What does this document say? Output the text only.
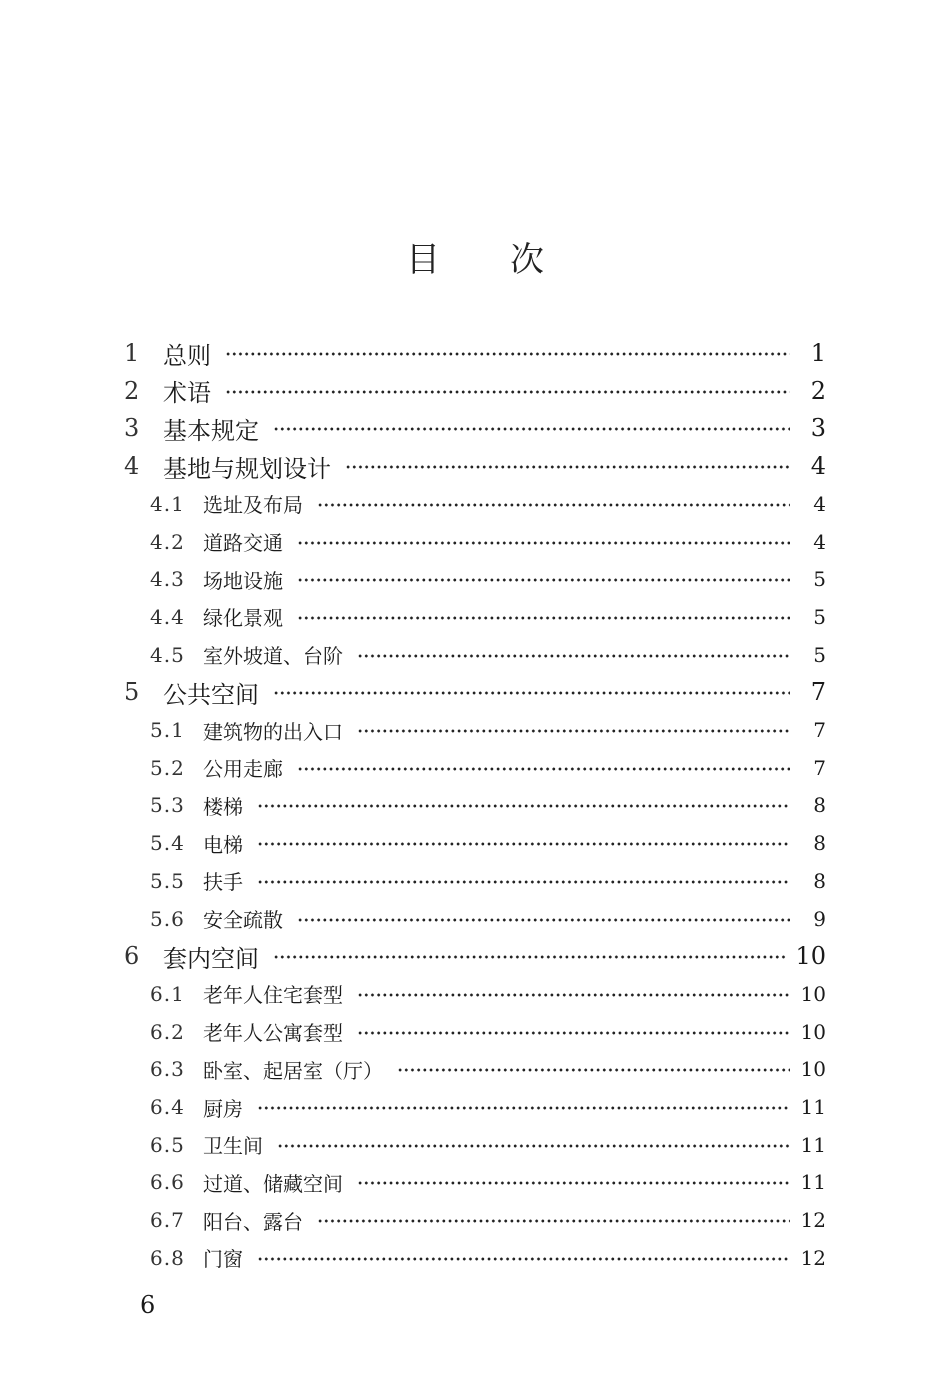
目 次
1 总则	1
2 术语	2
3 基本规定	3
4 基地与规划设计	4
4.1 选址及布局	4
4.2 道路交通	4
4.3 场地设施	5
4.4 绿化景观	5
4.5 室外坡道、台阶	5
5 公共空间	7
5.1 建筑物的出入口	7
5.2 公用走廊	7
5.3 楼梯	8
5.4 电梯	8
5.5 扶手	8
5.6 安全疏散	9
6 套内空间	10
6.1 老年人住宅套型	10
6.2 老年人公寓套型	10
6.3 卧室、起居室（厅）	10
6.4 厨房	11
6.5 卫生间	11
6.6 过道、储藏空间	11
6.7 阳台、露台	12
6.8 门窗	12
6
